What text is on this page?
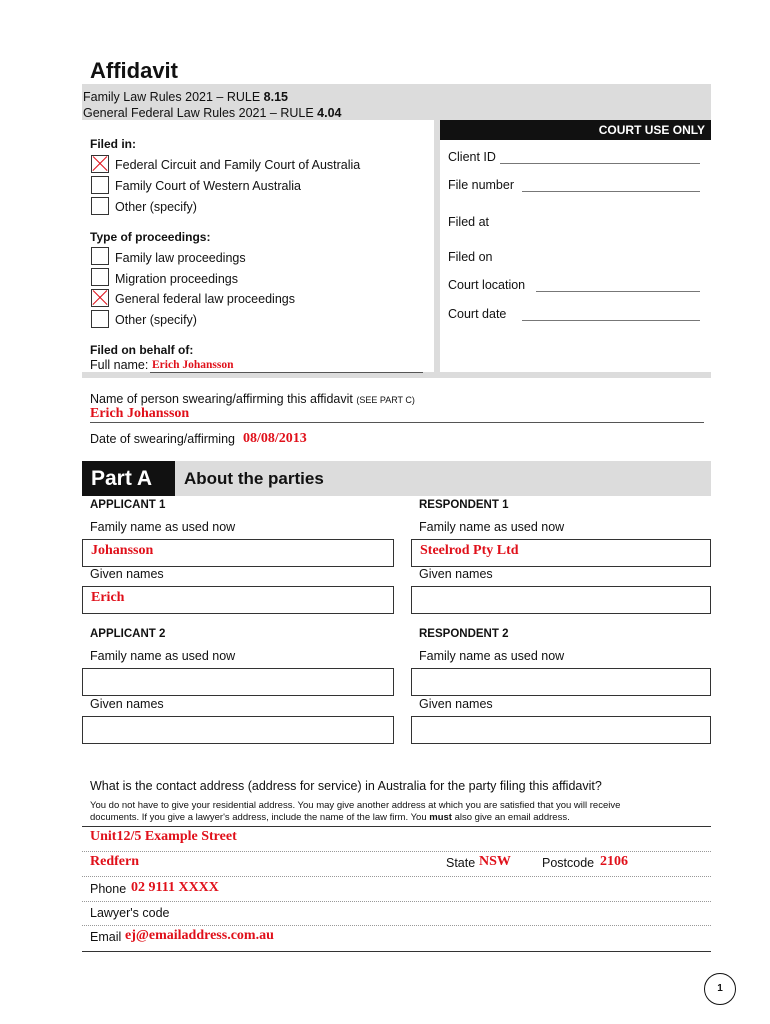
Affidavit
Family Law Rules 2021 – RULE 8.15
General Federal Law Rules 2021 – RULE 4.04
COURT USE ONLY
Client ID
File number
Filed at
Filed on
Court location
Court date
Filed in:
Federal Circuit and Family Court of Australia
Family Court of Western Australia
Other (specify)
Type of proceedings:
Family law proceedings
Migration proceedings
General federal law proceedings
Other (specify)
Filed on behalf of:
Full name: Erich Johansson
Name of person swearing/affirming this affidavit (SEE PART C)
Erich Johansson
Date of swearing/affirming 08/08/2013
Part A	About the parties
APPLICANT 1
Family name as used now
Johansson
Given names
Erich
RESPONDENT 1
Family name as used now
Steelrod Pty Ltd
Given names
APPLICANT 2
Family name as used now
Given names
RESPONDENT 2
Family name as used now
Given names
What is the contact address (address for service) in Australia for the party filing this affidavit?
You do not have to give your residential address. You may give another address at which you are satisfied that you will receive
documents. If you give a lawyer's address, include the name of the law firm. You must also give an email address.
Unit12/5 Example Street
Redfern	State NSW Postcode 2106
Phone 02 9111 XXXX
Lawyer's code
Email ej@emailaddress.com.au
1
